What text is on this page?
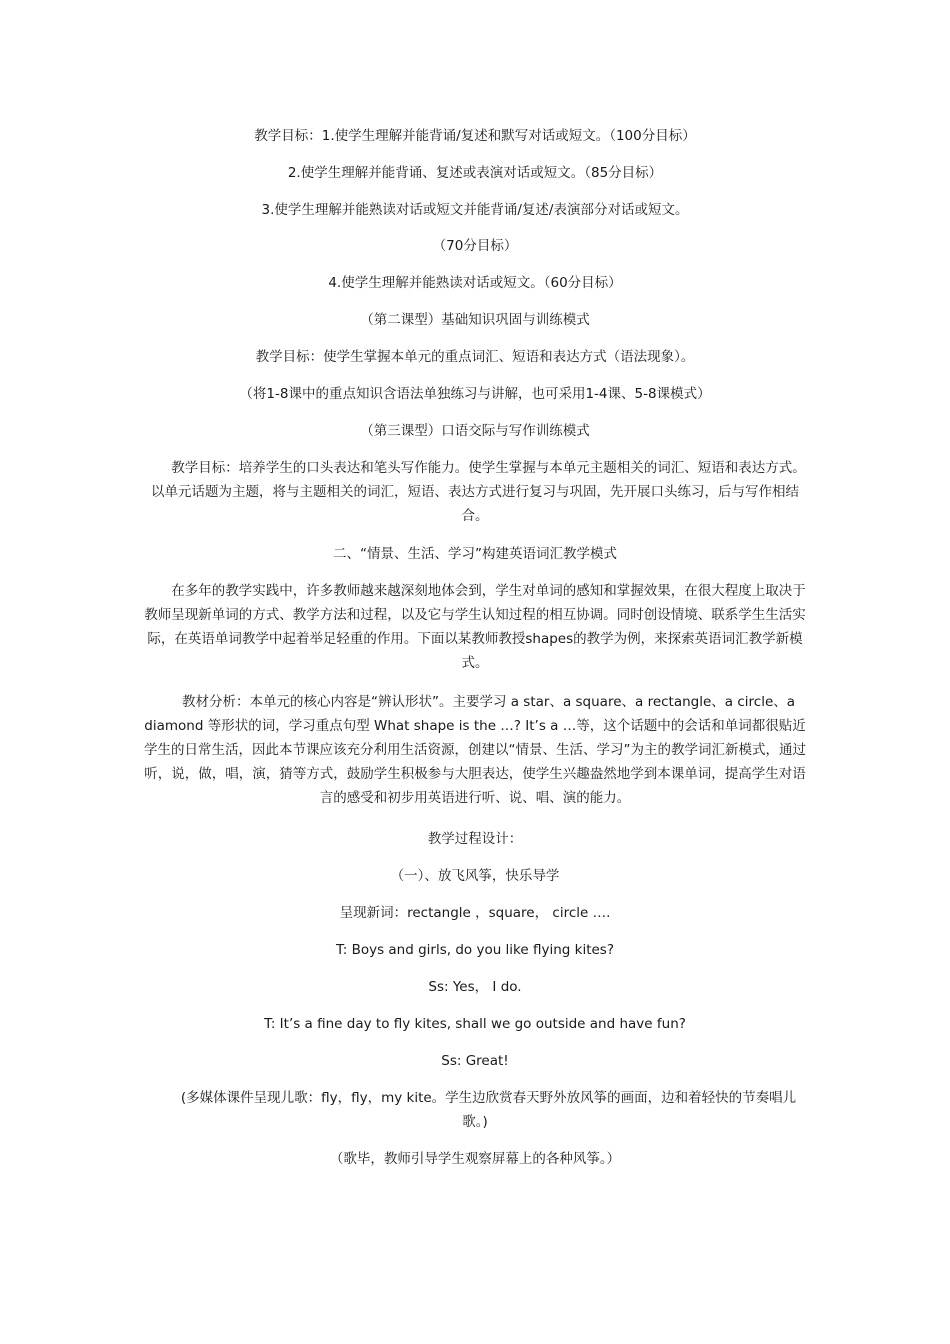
教学目标：1.使学生理解并能背诵/复述和默写对话或短文。（100分目标）

2.使学生理解并能背诵、复述或表演对话或短文。（85分目标）

3.使学生理解并能熟读对话或短文并能背诵/复述/表演部分对话或短文。

（70分目标）

4.使学生理解并能熟读对话或短文。（60分目标）

（第二课型）基础知识巩固与训练模式

教学目标：使学生掌握本单元的重点词汇、短语和表达方式（语法现象）。

（将1-8课中的重点知识含语法单独练习与讲解，也可采用1-4课、5-8课模式）

（第三课型）口语交际与写作训练模式

教学目标：培养学生的口头表达和笔头写作能力。使学生掌握与本单元主题相关的词汇、短语和表达方式。以单元话题为主题，将与主题相关的词汇，短语、表达方式进行复习与巩固，先开展口头练习，后与写作相结合。

二、“情景、生活、学习”构建英语词汇教学模式

在多年的教学实践中，许多教师越来越深刻地体会到，学生对单词的感知和掌握效果，在很大程度上取决于教师呈现新单词的方式、教学方法和过程，以及它与学生认知过程的相互协调。同时创设情境、联系学生生活实际，在英语单词教学中起着举足轻重的作用。下面以某教师教授shapes的教学为例，来探索英语词汇教学新模式。

教材分析：本单元的核心内容是“辨认形状”。主要学习 a star、a square、a rectangle、a circle、a diamond 等形状的词，学习重点句型 What shape is the …? It’s a …等，这个话题中的会话和单词都很贴近学生的日常生活，因此本节课应该充分利用生活资源，创建以“情景、生活、学习”为主的教学词汇新模式，通过听，说，做，唱，演，猜等方式，鼓励学生积极参与大胆表达，使学生兴趣盎然地学到本课单词，提高学生对语言的感受和初步用英语进行听、说、唱、演的能力。

教学过程设计：

（一）、放飞风筝，快乐导学

呈现新词：rectangle ，square， circle ….

T: Boys and girls, do you like flying kites?

Ss: Yes， I do.

T: It’s a fine day to fly kites, shall we go outside and have fun?

Ss: Great!

(多媒体课件呈现儿歌：fly，fly，my kite。学生边欣赏春天野外放风筝的画面，边和着轻快的节奏唱儿歌。)

（歌毕，教师引导学生观察屏幕上的各种风筝。）
